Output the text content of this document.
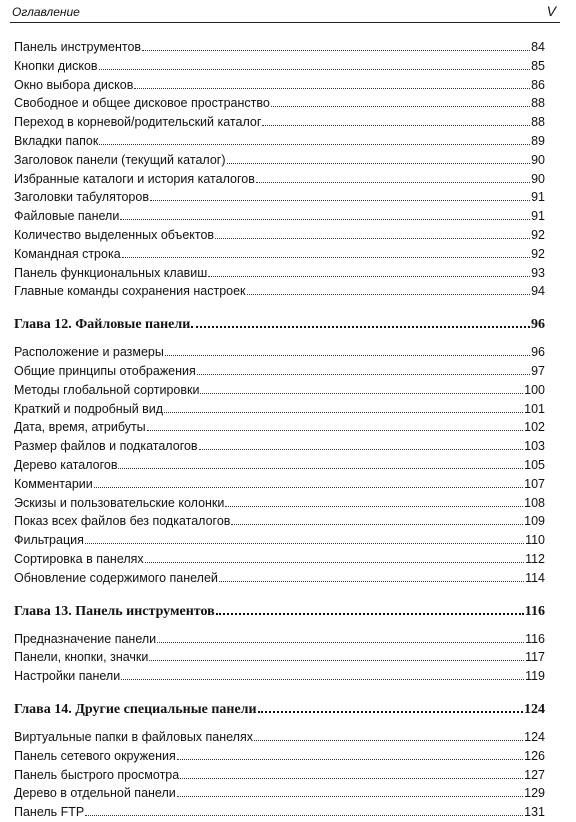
Оглавление	V
Панель инструментов	84
Кнопки дисков	85
Окно выбора дисков	86
Свободное и общее дисковое пространство	88
Переход в корневой/родительский каталог	88
Вкладки папок	89
Заголовок панели (текущий каталог)	90
Избранные каталоги и история каталогов	90
Заголовки табуляторов	91
Файловые панели	91
Количество выделенных объектов	92
Командная строка	92
Панель функциональных клавиш	93
Главные команды сохранения настроек	94
Глава 12. Файловые панели	96
Расположение и размеры	96
Общие принципы отображения	97
Методы глобальной сортировки	100
Краткий и подробный вид	101
Дата, время, атрибуты	102
Размер файлов и подкаталогов	103
Дерево каталогов	105
Комментарии	107
Эскизы и пользовательские колонки	108
Показ всех файлов без подкаталогов	109
Фильтрация	110
Сортировка в панелях	112
Обновление содержимого панелей	114
Глава 13. Панель инструментов	116
Предназначение панели	116
Панели, кнопки, значки	117
Настройки панели	119
Глава 14. Другие специальные панели	124
Виртуальные папки в файловых панелях	124
Панель сетевого окружения	126
Панель быстрого просмотра	127
Дерево в отдельной панели	129
Панель FTP	131
